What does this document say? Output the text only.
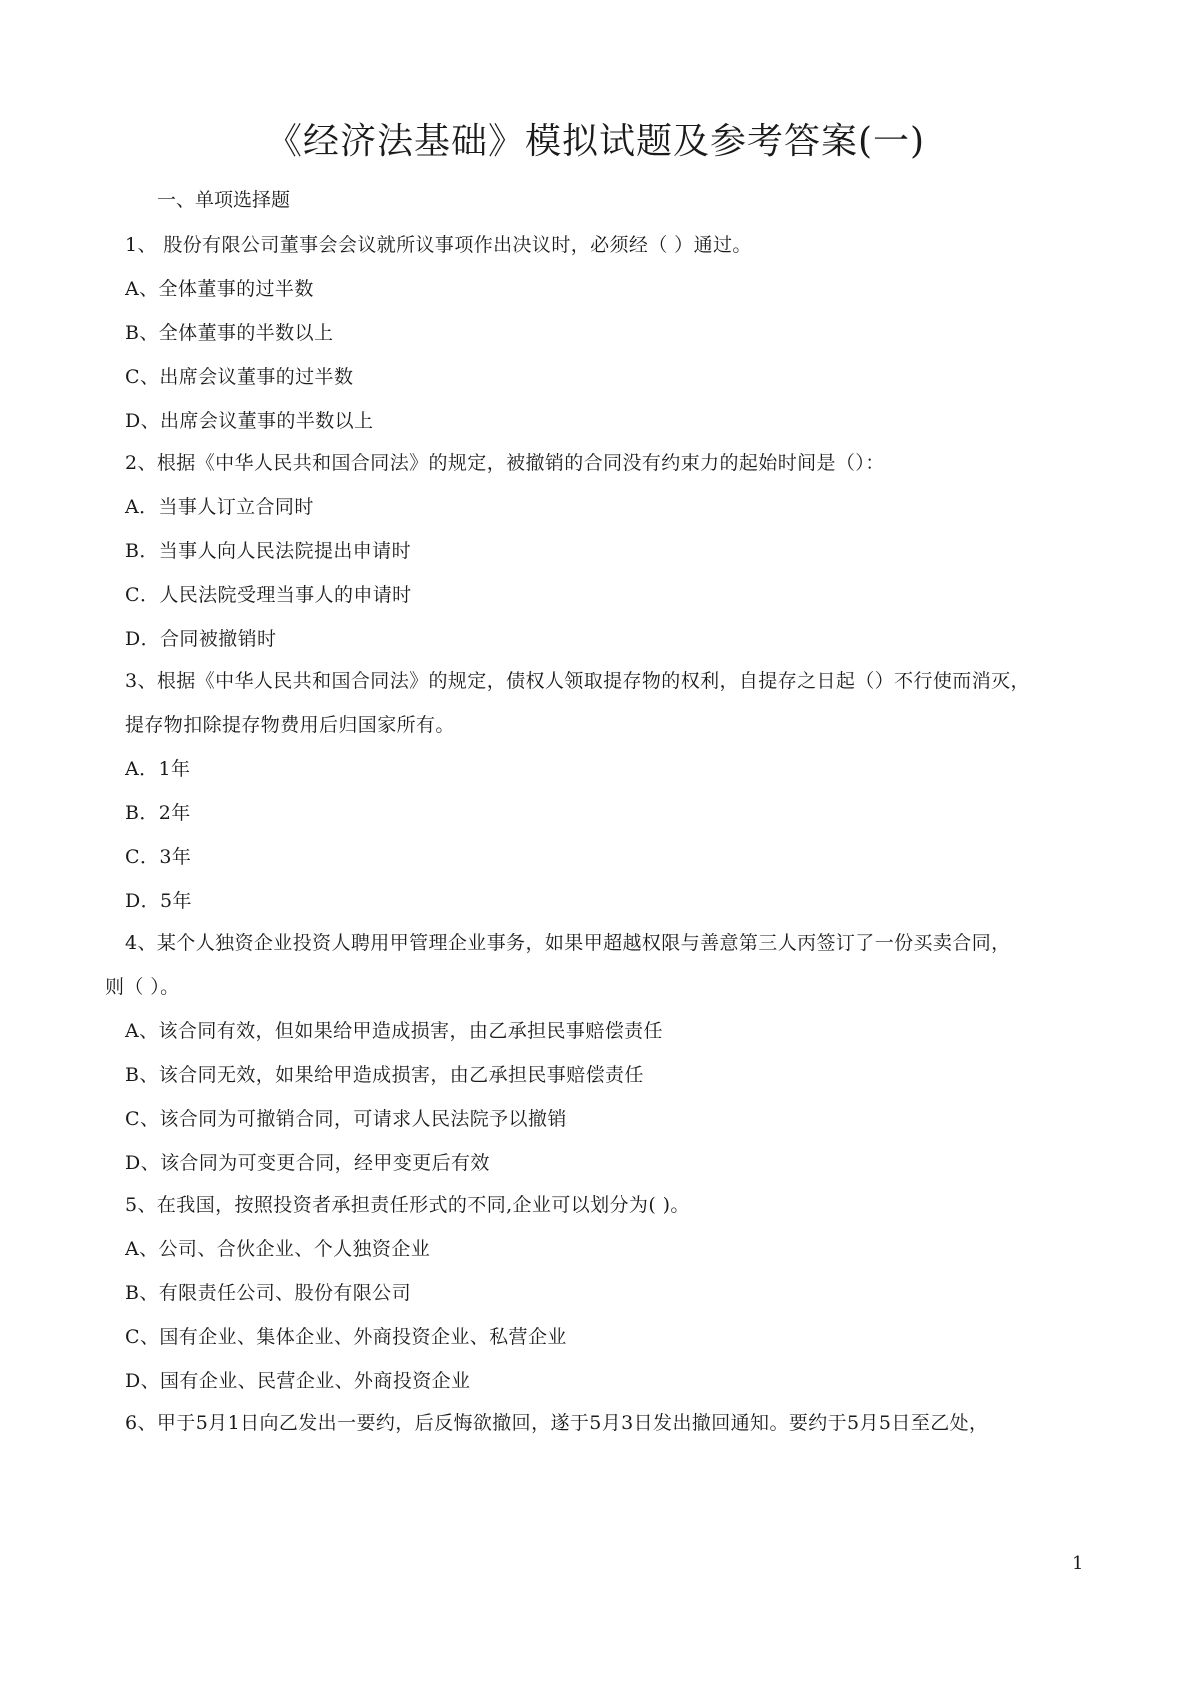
《经济法基础》模拟试题及参考答案(一)
一、单项选择题
1、 股份有限公司董事会会议就所议事项作出决议时，必须经（ ）通过。
A、全体董事的过半数
B、全体董事的半数以上
C、出席会议董事的过半数
D、出席会议董事的半数以上
2、根据《中华人民共和国合同法》的规定，被撤销的合同没有约束力的起始时间是（）：
A．当事人订立合同时
B．当事人向人民法院提出申请时
C．人民法院受理当事人的申请时
D．合同被撤销时
3、根据《中华人民共和国合同法》的规定，债权人领取提存物的权利，自提存之日起（）不行使而消灭，
提存物扣除提存物费用后归国家所有。
A．1年
B．2年
C．3年
D．5年
4、某个人独资企业投资人聘用甲管理企业事务，如果甲超越权限与善意第三人丙签订了一份买卖合同，
则（ ）。
A、该合同有效，但如果给甲造成损害，由乙承担民事赔偿责任
B、该合同无效，如果给甲造成损害，由乙承担民事赔偿责任
C、该合同为可撤销合同，可请求人民法院予以撤销
D、该合同为可变更合同，经甲变更后有效
5、在我国，按照投资者承担责任形式的不同,企业可以划分为( )。
A、公司、合伙企业、个人独资企业
B、有限责任公司、股份有限公司
C、国有企业、集体企业、外商投资企业、私营企业
D、国有企业、民营企业、外商投资企业
6、甲于5月1日向乙发出一要约，后反悔欲撤回，遂于5月3日发出撤回通知。要约于5月5日至乙处，
1
